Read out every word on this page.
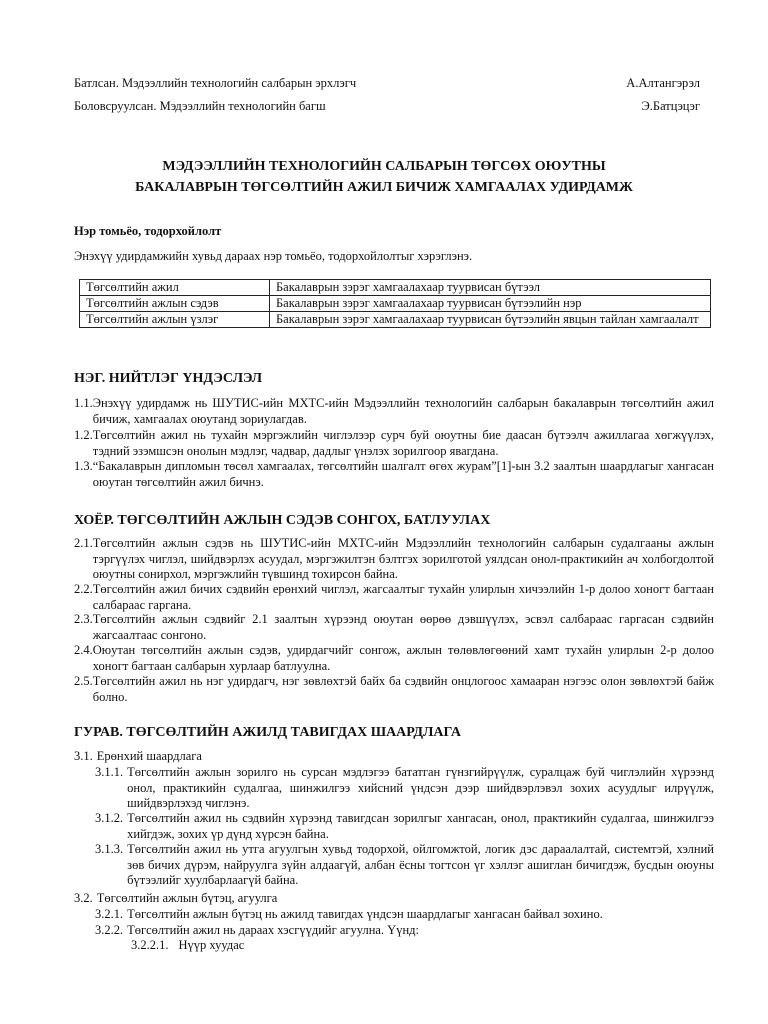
Батлсан. Мэдээллийн технологийн салбарын эрхлэгч	А.Алтангэрэл
Боловсруулсан. Мэдээллийн технологийн багш	Э.Батцэцэг
МЭДЭЭЛЛИЙН ТЕХНОЛОГИЙН САЛБАРЫН ТӨГСӨХ ОЮУТНЫ
БАКАЛАВРЫН ТӨГСӨЛТИЙН АЖИЛ БИЧИЖ ХАМГААЛАХ УДИРДАМЖ
Нэр томьёо, тодорхойлолт
Энэхүү удирдамжийн хувьд дараах нэр томьёо, тодорхойлолтыг хэрэглэнэ.
Төгсөлтийн ажил	Бакалаврын зэрэг хамгаалахаар туурвисан бүтээл
Төгсөлтийн ажлын сэдэв	Бакалаврын зэрэг хамгаалахаар туурвисан бүтээлийн нэр
Төгсөлтийн ажлын үзлэг	Бакалаврын зэрэг хамгаалахаар туурвисан бүтээлийн явцын тайлан хамгаалалт
НЭГ. НИЙТЛЭГ ҮНДЭСЛЭЛ
1.1. Энэхүү удирдамж нь ШУТИС-ийн МХТС-ийн Мэдээллийн технологийн салбарын бакалаврын төгсөлтийн ажил бичиж, хамгаалах оюутанд зориулагдав.
1.2. Төгсөлтийн ажил нь тухайн мэргэжлийн чиглэлээр сурч буй оюутны бие даасан бүтээлч ажиллагаа хөгжүүлэх, тэдний эзэмшсэн онолын мэдлэг, чадвар, дадлыг үнэлэх зорилгоор явагдана.
1.3. “Бакалаврын дипломын төсөл хамгаалах, төгсөлтийн шалгалт өгөх журам”[1]-ын 3.2 заалтын шаардлагыг хангасан оюутан төгсөлтийн ажил бичнэ.
ХОЁР. ТӨГСӨЛТИЙН АЖЛЫН СЭДЭВ СОНГОХ, БАТЛУУЛАХ
2.1. Төгсөлтийн ажлын сэдэв нь ШУТИС-ийн МХТС-ийн Мэдээллийн технологийн салбарын судалгааны ажлын тэргүүлэх чиглэл, шийдвэрлэх асуудал, мэргэжилтэн бэлтгэх зорилготой уялдсан онол-практикийн ач холбогдолтой оюутны сонирхол, мэргэжлийн түвшинд тохирсон байна.
2.2. Төгсөлтийн ажил бичих сэдвийн ерөнхий чиглэл, жагсаалтыг тухайн улирлын хичээлийн 1-р долоо хоногт багтаан салбараас гаргана.
2.3. Төгсөлтийн ажлын сэдвийг 2.1 заалтын хүрээнд оюутан өөрөө дэвшүүлэх, эсвэл салбараас гаргасан сэдвийн жагсаалтаас сонгоно.
2.4. Оюутан төгсөлтийн ажлын сэдэв, удирдагчийг сонгож, ажлын төлөвлөгөөний хамт тухайн улирлын 2-р долоо хоногт багтаан салбарын хурлаар батлуулна.
2.5. Төгсөлтийн ажил нь нэг удирдагч, нэг зөвлөхтэй байх ба сэдвийн онцлогоос хамааран нэгээс олон зөвлөхтэй байж болно.
ГУРАВ. ТӨГСӨЛТИЙН АЖИЛД ТАВИГДАХ ШААРДЛАГА
3.1. Ерөнхий шаардлага
3.1.1. Төгсөлтийн ажлын зорилго нь сурсан мэдлэгээ бататган гүнзгийрүүлж, суралцаж буй чиглэлийн хүрээнд онол, практикийн судалгаа, шинжилгээ хийсний үндсэн дээр шийдвэрлэвэл зохих асуудлыг илрүүлж, шийдвэрлэхэд чиглэнэ.
3.1.2. Төгсөлтийн ажил нь сэдвийн хүрээнд тавигдсан зорилгыг хангасан, онол, практикийн судалгаа, шинжилгээ хийгдэж, зохих үр дүнд хүрсэн байна.
3.1.3. Төгсөлтийн ажил нь утга агуулгын хувьд тодорхой, ойлгомжтой, логик дэс дараалалтай, системтэй, хэлний зөв бичих дүрэм, найруулга зүйн алдаагүй, албан ёсны тогтсон үг хэллэг ашиглан бичигдэж, бусдын оюуны бүтээлийг хуулбарлаагүй байна.
3.2. Төгсөлтийн ажлын бүтэц, агуулга
3.2.1. Төгсөлтийн ажлын бүтэц нь ажилд тавигдах үндсэн шаардлагыг хангасан байвал зохино.
3.2.2. Төгсөлтийн ажил нь дараах хэсгүүдийг агуулна. Үүнд:
3.2.2.1. Нүүр хуудас
